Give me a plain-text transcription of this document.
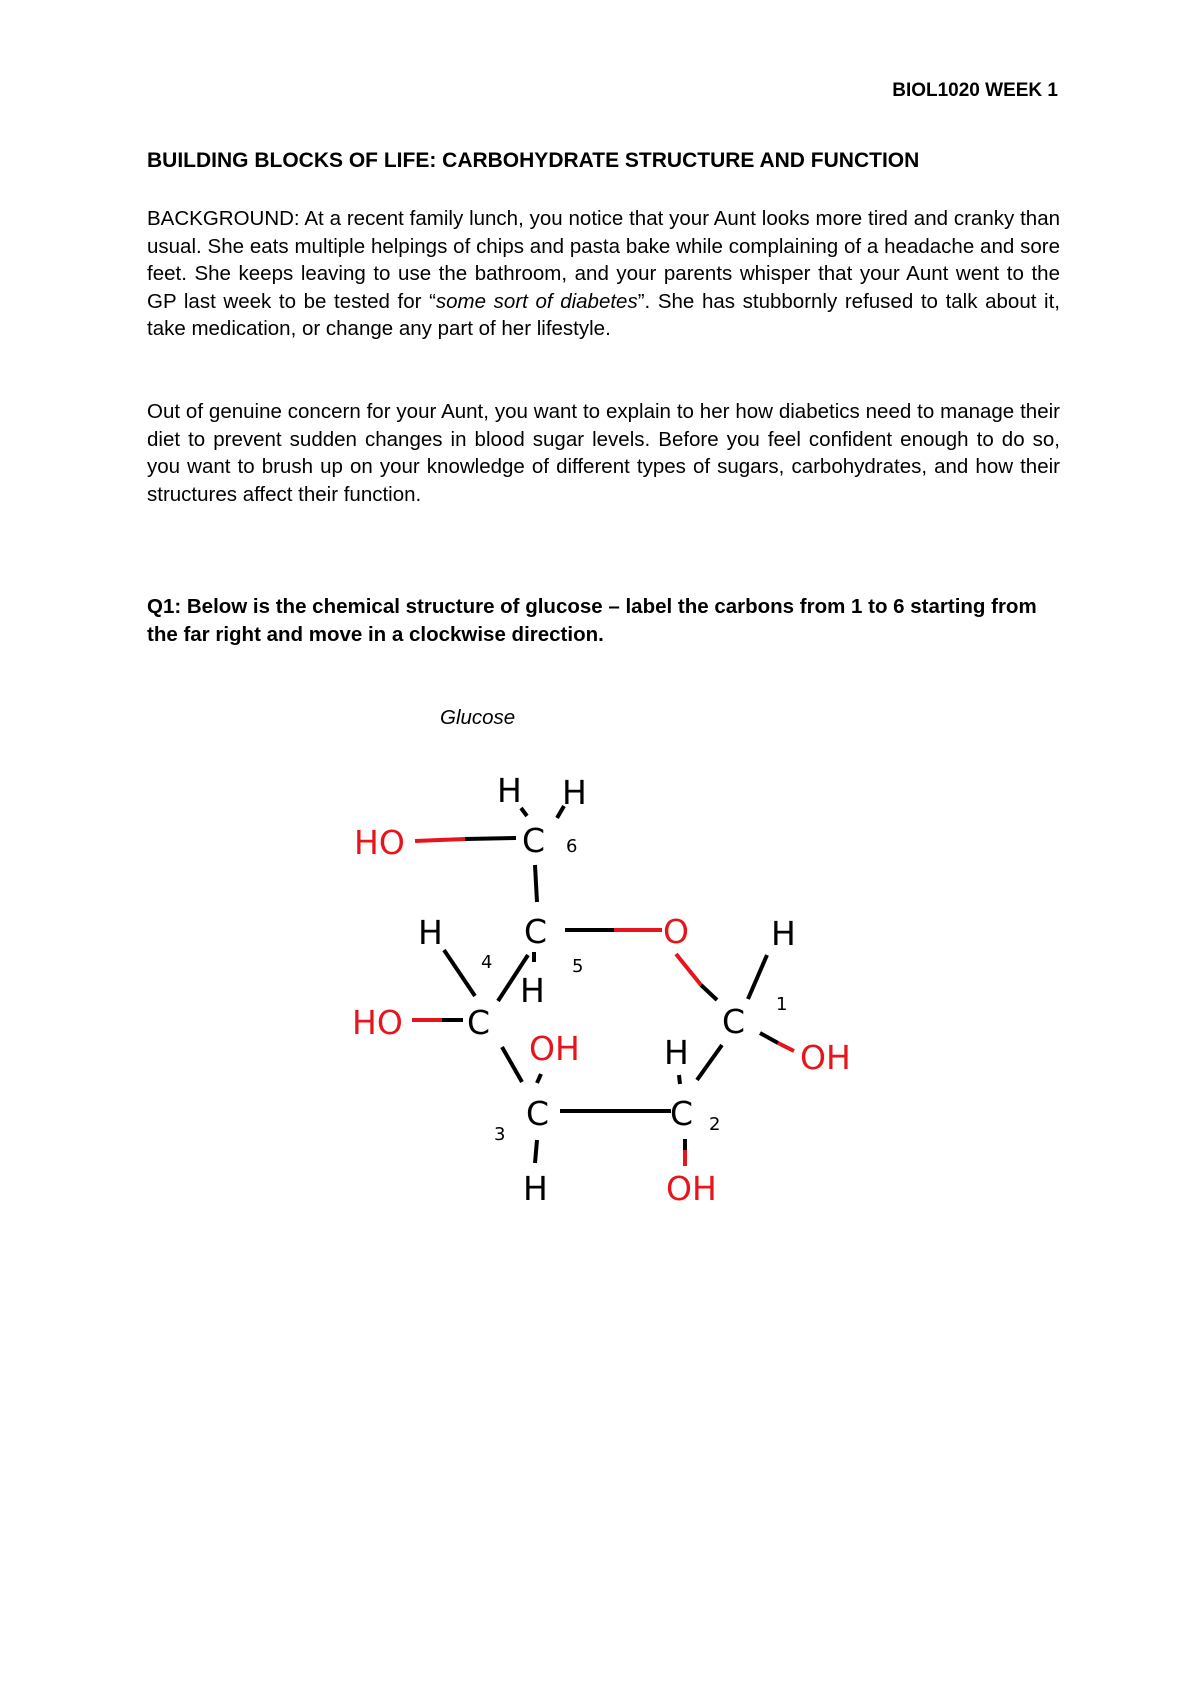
BIOL1020 WEEK 1
BUILDING BLOCKS OF LIFE: CARBOHYDRATE STRUCTURE AND FUNCTION

BACKGROUND: At a recent family lunch, you notice that your Aunt looks more tired and cranky than usual. She eats multiple helpings of chips and pasta bake while complaining of a headache and sore feet. She keeps leaving to use the bathroom, and your parents whisper that your Aunt went to the GP last week to be tested for “some sort of diabetes”. She has stubbornly refused to talk about it, take medication, or change any part of her lifestyle.

Out of genuine concern for your Aunt, you want to explain to her how diabetics need to manage their diet to prevent sudden changes in blood sugar levels. Before you feel confident enough to do so, you want to brush up on your knowledge of different types of sugars, carbohydrates, and how their structures affect their function.

Q1: Below is the chemical structure of glucose – label the carbons from 1 to 6 starting from the far right and move in a clockwise direction.

Glucose
HO
H H
C
C	O
H
H
HO C	C
H
OH
OH
C
H
H
C
OH
6
5
4
1
2
3
